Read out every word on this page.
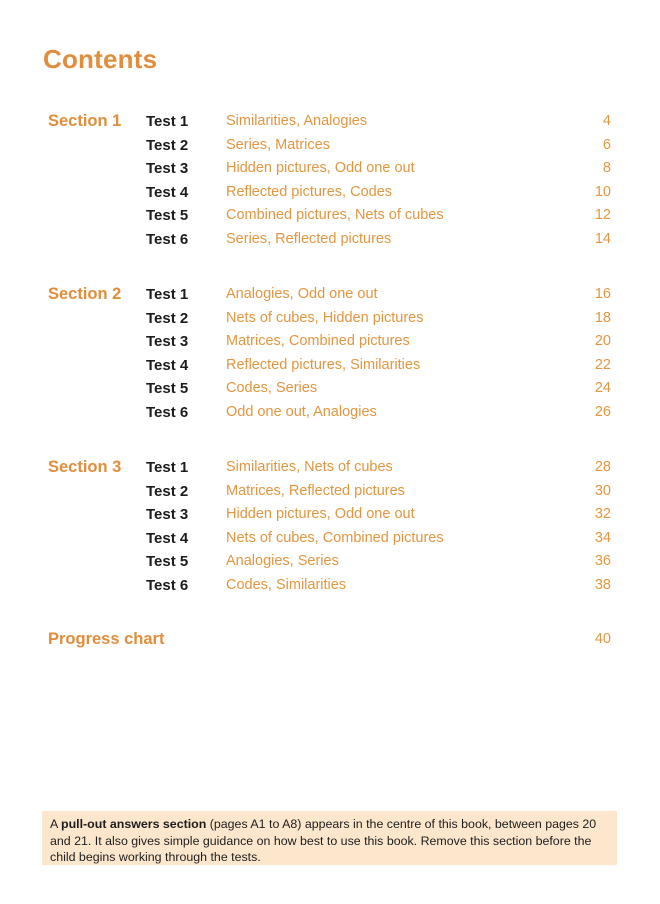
Contents
Section 1 Test 1	Similarities, Analogies	4
Test 2	Series, Matrices	6
Test 3	Hidden pictures, Odd one out	8
Test 4	Reflected pictures, Codes	10
Test 5	Combined pictures, Nets of cubes	12
Test 6	Series, Reflected pictures	14
Section 2 Test 1	Analogies, Odd one out	16
Test 2	Nets of cubes, Hidden pictures	18
Test 3	Matrices, Combined pictures	20
Test 4	Reflected pictures, Similarities	22
Test 5	Codes, Series	24
Test 6	Odd one out, Analogies	26
Section 3 Test 1	Similarities, Nets of cubes	28
Test 2	Matrices, Reflected pictures	30
Test 3	Hidden pictures, Odd one out	32
Test 4	Nets of cubes, Combined pictures	34
Test 5	Analogies, Series	36
Test 6	Codes, Similarities	38
Progress chart	40
A pull-out answers section (pages A1 to A8) appears in the centre of this book, between pages 20 and 21. It also gives simple guidance on how best to use this book. Remove this section before the child begins working through the tests.
